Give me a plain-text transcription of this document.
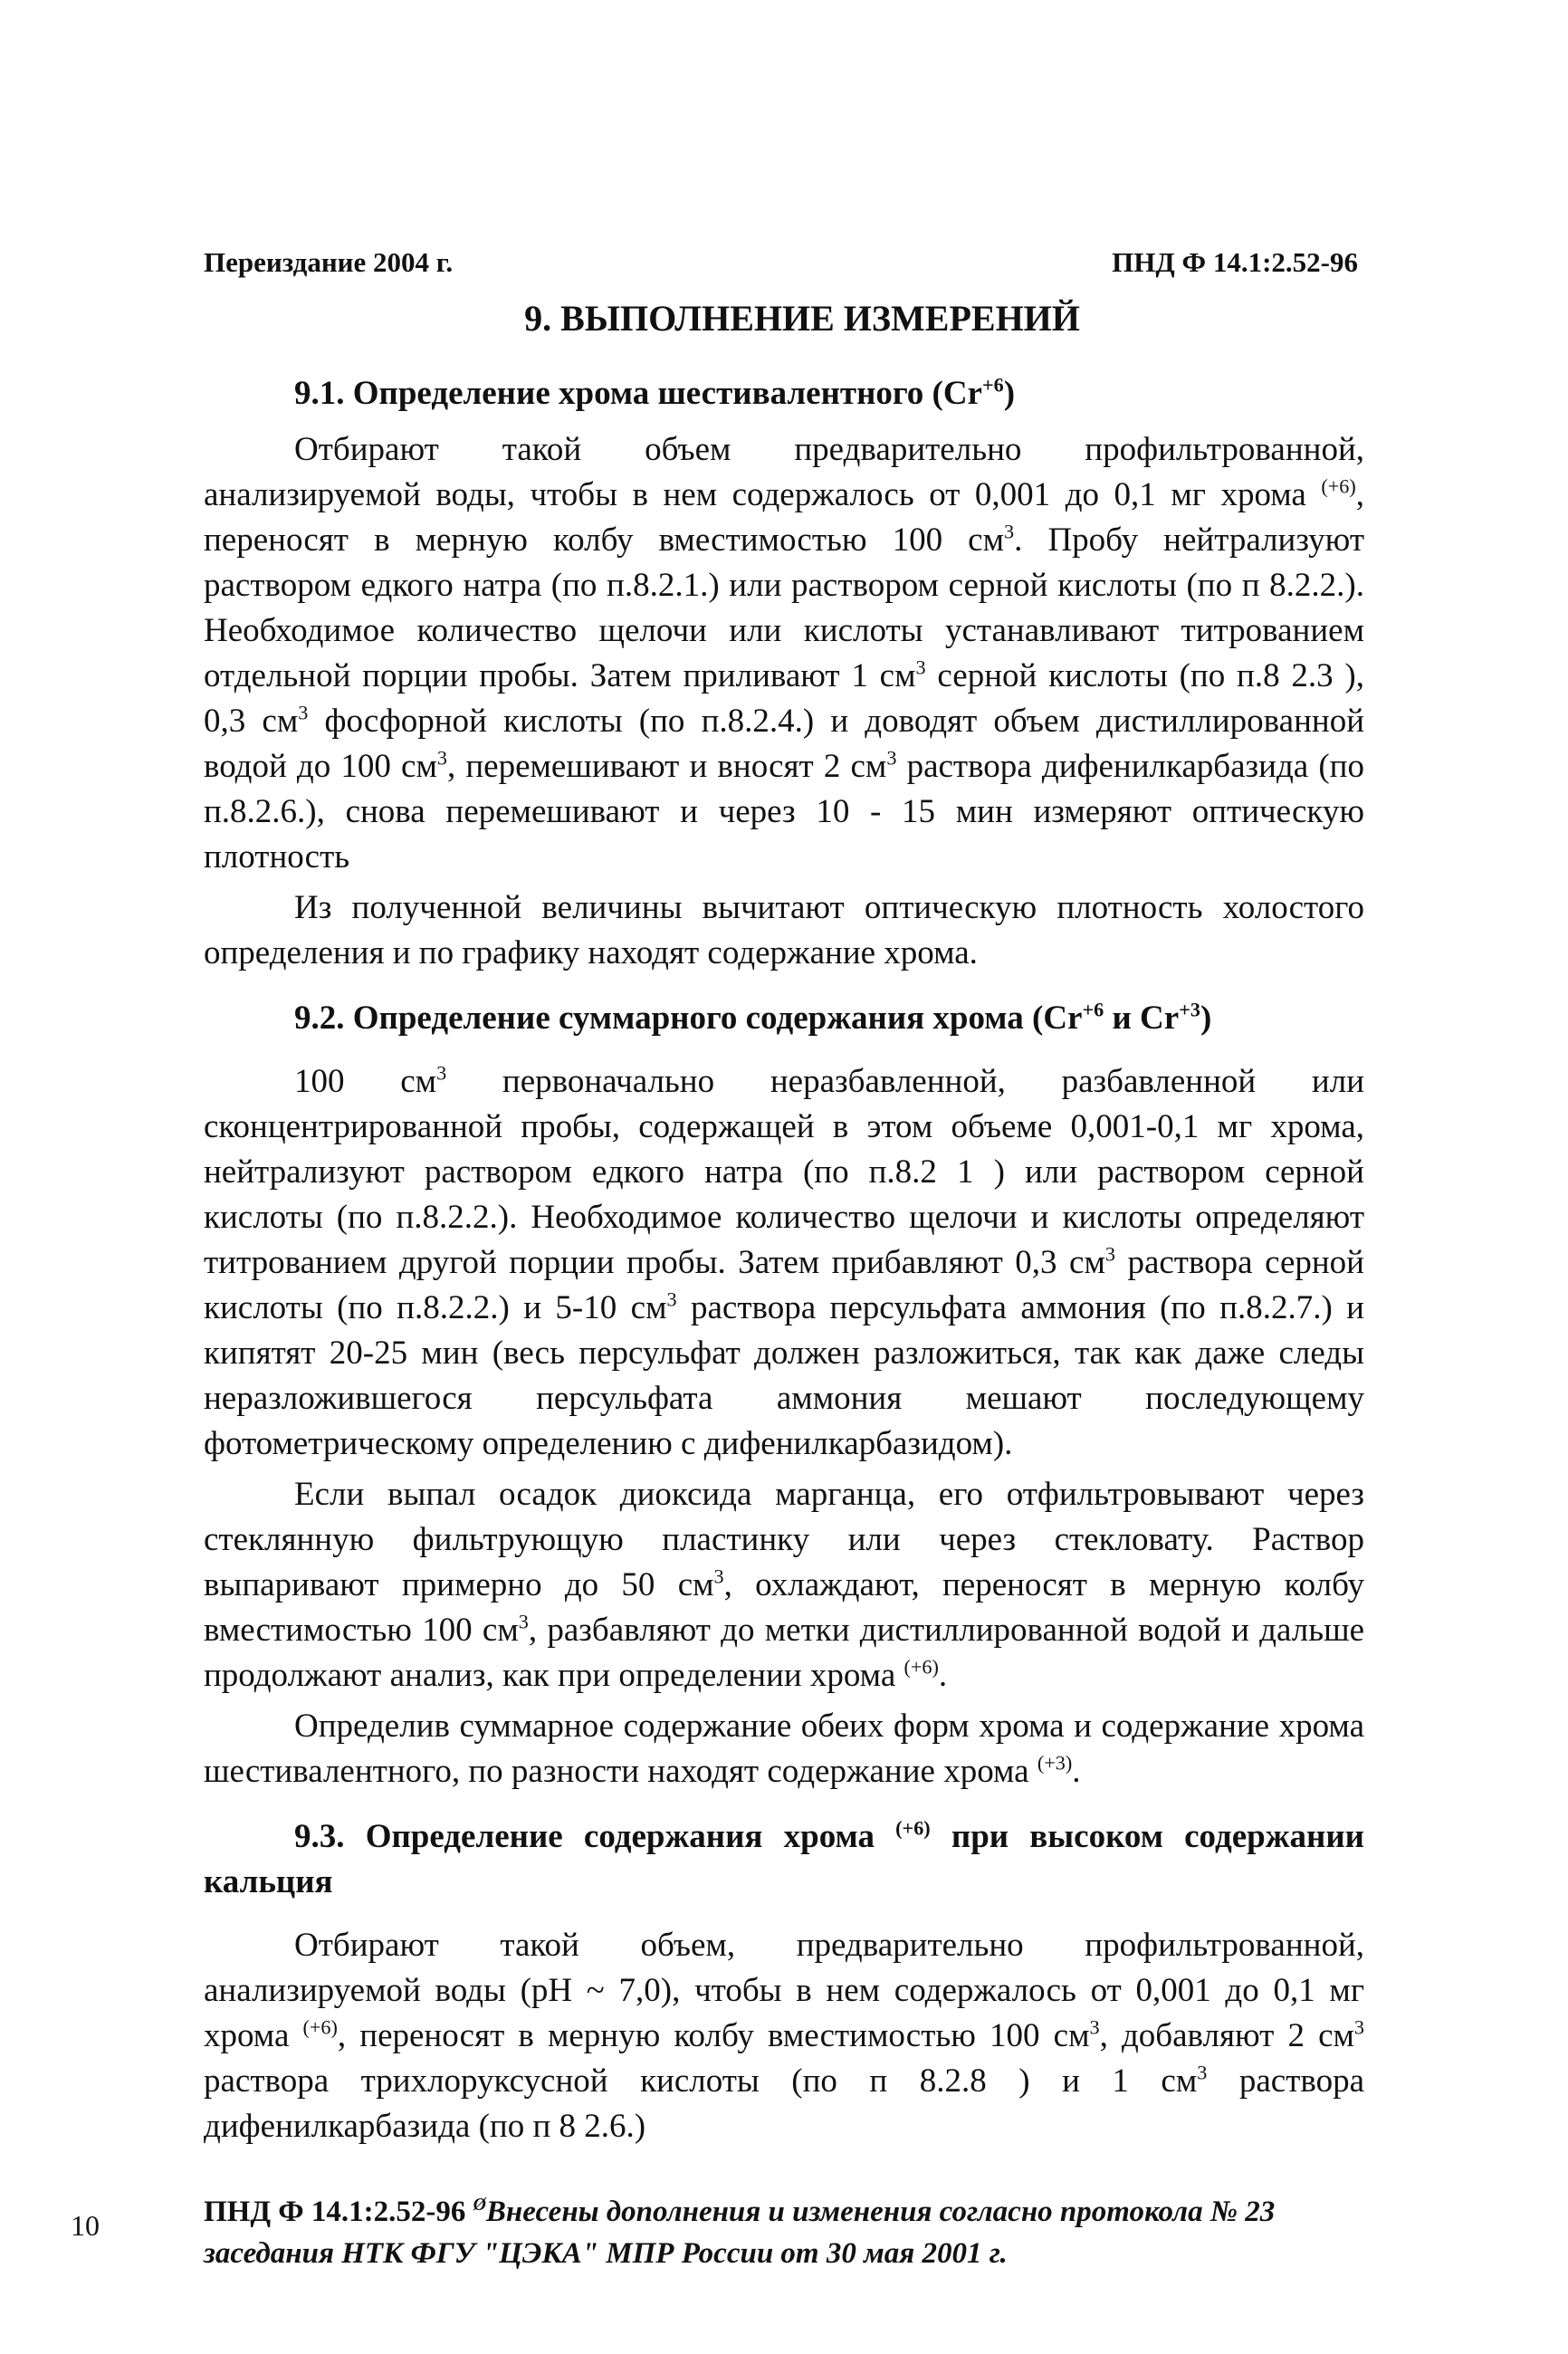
Переиздание 2004 г.	ПНД Ф 14.1:2.52-96
9. ВЫПОЛНЕНИЕ ИЗМЕРЕНИЙ
9.1. Определение хрома шестивалентного $(Cr^{+6})$

Отбирают такой объем предварительно профильтрованной, анализируемой воды, чтобы в нем содержалось от 0,001 до 0,1 мг хрома $^{(+6)}$, переносят в мерную колбу вместимостью 100 $см^3$. Пробу нейтрализуют раствором едкого натра (по п.8.2.1.) или раствором серной кислоты (по п 8.2.2.). Необходимое количество щелочи или кислоты устанавливают титрованием отдельной порции пробы. Затем приливают 1 $см^3$ серной кислоты (по п.8 2.3 ), 0,3 $см^3$ фосфорной кислоты (по п.8.2.4.) и доводят объем дистиллированной водой до 100 $см^3$, перемешивают и вносят 2 $см^3$ раствора дифенилкарбазида (по п.8.2.6.), снова перемешивают и через 10 - 15 мин измеряют оптическую плотность

Из полученной величины вычитают оптическую плотность холостого определения и по графику находят содержание хрома.

9.2. Определение суммарного содержания хрома ($Cr^{+6}$ и $Cr^{+3}$)

100 $см^3$ первоначально неразбавленной, разбавленной или сконцентрированной пробы, содержащей в этом объеме 0,001-0,1 мг хрома, нейтрализуют раствором едкого натра (по п.8.2 1 ) или раствором серной кислоты (по п.8.2.2.). Необходимое количество щелочи и кислоты определяют титрованием другой порции пробы. Затем прибавляют 0,3 $см^3$ раствора серной кислоты (по п.8.2.2.) и 5-10 $см^3$ раствора персульфата аммония (по п.8.2.7.) и кипятят 20-25 мин (весь персульфат должен разложиться, так как даже следы неразложившегося персульфата аммония мешают последующему фотометрическому определению с дифенилкарбазидом).

Если выпал осадок диоксида марганца, его отфильтровывают через стеклянную фильтрующую пластинку или через стекловату. Раствор выпаривают примерно до 50 $см^3$, охлаждают, переносят в мерную колбу вместимостью 100 $см^3$, разбавляют до метки дистиллированной водой и дальше продолжают анализ, как при определении хрома $^{(+6)}$.

Определив суммарное содержание обеих форм хрома и содержание хрома шестивалентного, по разности находят содержание хрома $^{(+3)}$.

9.3. Определение содержания хрома $^{(+6)}$ при высоком содержании кальция

Отбирают такой объем, предварительно профильтрованной, анализируемой воды (рН ~ 7,0), чтобы в нем содержалось от 0,001 до 0,1 мг хрома $^{(+6)}$, переносят в мерную колбу вместимостью 100 $см^3$, добавляют 2 $см^3$ раствора трихлоруксусной кислоты (по п 8.2.8 ) и 1 $см^3$ раствора дифенилкарбазида (по п 8 2.6.)

ПНД Ф 14.1:2.52-96 $^Ø$Внесены дополнения и изменения согласно протокола № 23 заседания НТК ФГУ "ЦЭКА" МПР России от 30 мая 2001 г.
10
